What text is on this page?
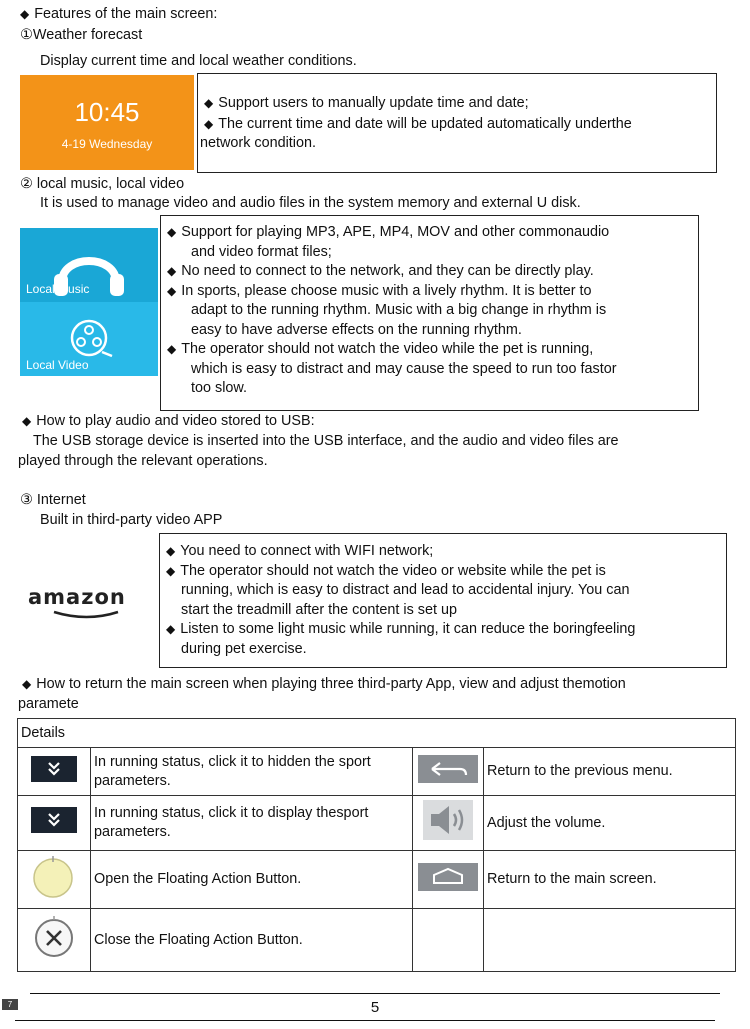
◆ Features of the main screen:
①Weather forecast
Display current time and local weather conditions.
10:45
4-19 Wednesday
◆ Support users to manually update time and date;
◆ The current time and date will be updated automatically underthe
network condition.
② local music, local video
It is used to manage video and audio files in the system memory and external U disk.
Local Music
Local Video
◆ Support for playing MP3, APE, MP4, MOV and other commonaudio
and video format files;
◆ No need to connect to the network, and they can be directly play.
◆ In sports, please choose music with a lively rhythm. It is better to
adapt to the running rhythm. Music with a big change in rhythm is
easy to have adverse effects on the running rhythm.
◆ The operator should not watch the video while the pet is running,
which is easy to distract and may cause the speed to run too fastor
too slow.
◆ How to play audio and video stored to USB:
The USB storage device is inserted into the USB interface, and the audio and video files are
played through the relevant operations.
③ Internet
Built in third-party video APP
amazon
◆ You need to connect with WIFI network;
◆ The operator should not watch the video or website while the pet is
running, which is easy to distract and lead to accidental injury. You can
start the treadmill after the content is set up
◆ Listen to some light music while running, it can reduce the boringfeeling
during pet exercise.
◆ How to return the main screen when playing three third-party App, view and adjust themotion
paramete
Details			
	In running status, click it to hidden the sport parameters.		Return to the previous menu.
	In running status, click it to display thesport parameters.		Adjust the volume.
	Open the Floating Action Button.		Return to the main screen.
	Close the Floating Action Button.		
7	5
